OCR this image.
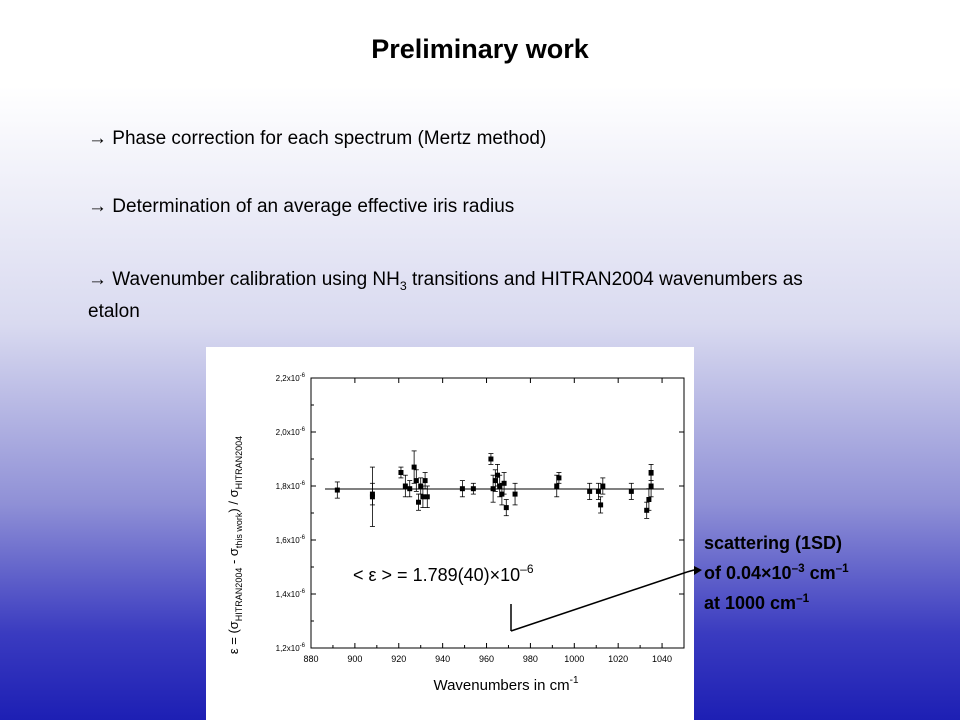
Preliminary work
→ Phase correction for each spectrum (Mertz method)
→ Determination of an average effective iris radius
→ Wavenumber calibration using $NH_3$ transitions and HITRAN2004 wavenumbers as etalon
880	900	920	940	960	980	1000	1020	1040
$1,2x10^{-6}$
$1,4x10^{-6}$
$1,6x10^{-6}$
$1,8x10^{-6}$
$2,0x10^{-6}$
$2,2x10^{-6}$
Wavenumbers in $cm^{-1}$
$\varepsilon = (\sigma_{HITRAN2004} - \sigma_{this work}) / \sigma_{HITRAN2004}$
< ε > = $1.789(40)\times 10^{-6}$
scattering (1SD)
of $0.04\times 10^{-3}$ $cm^{-1}$
at 1000 $cm^{-1}$
